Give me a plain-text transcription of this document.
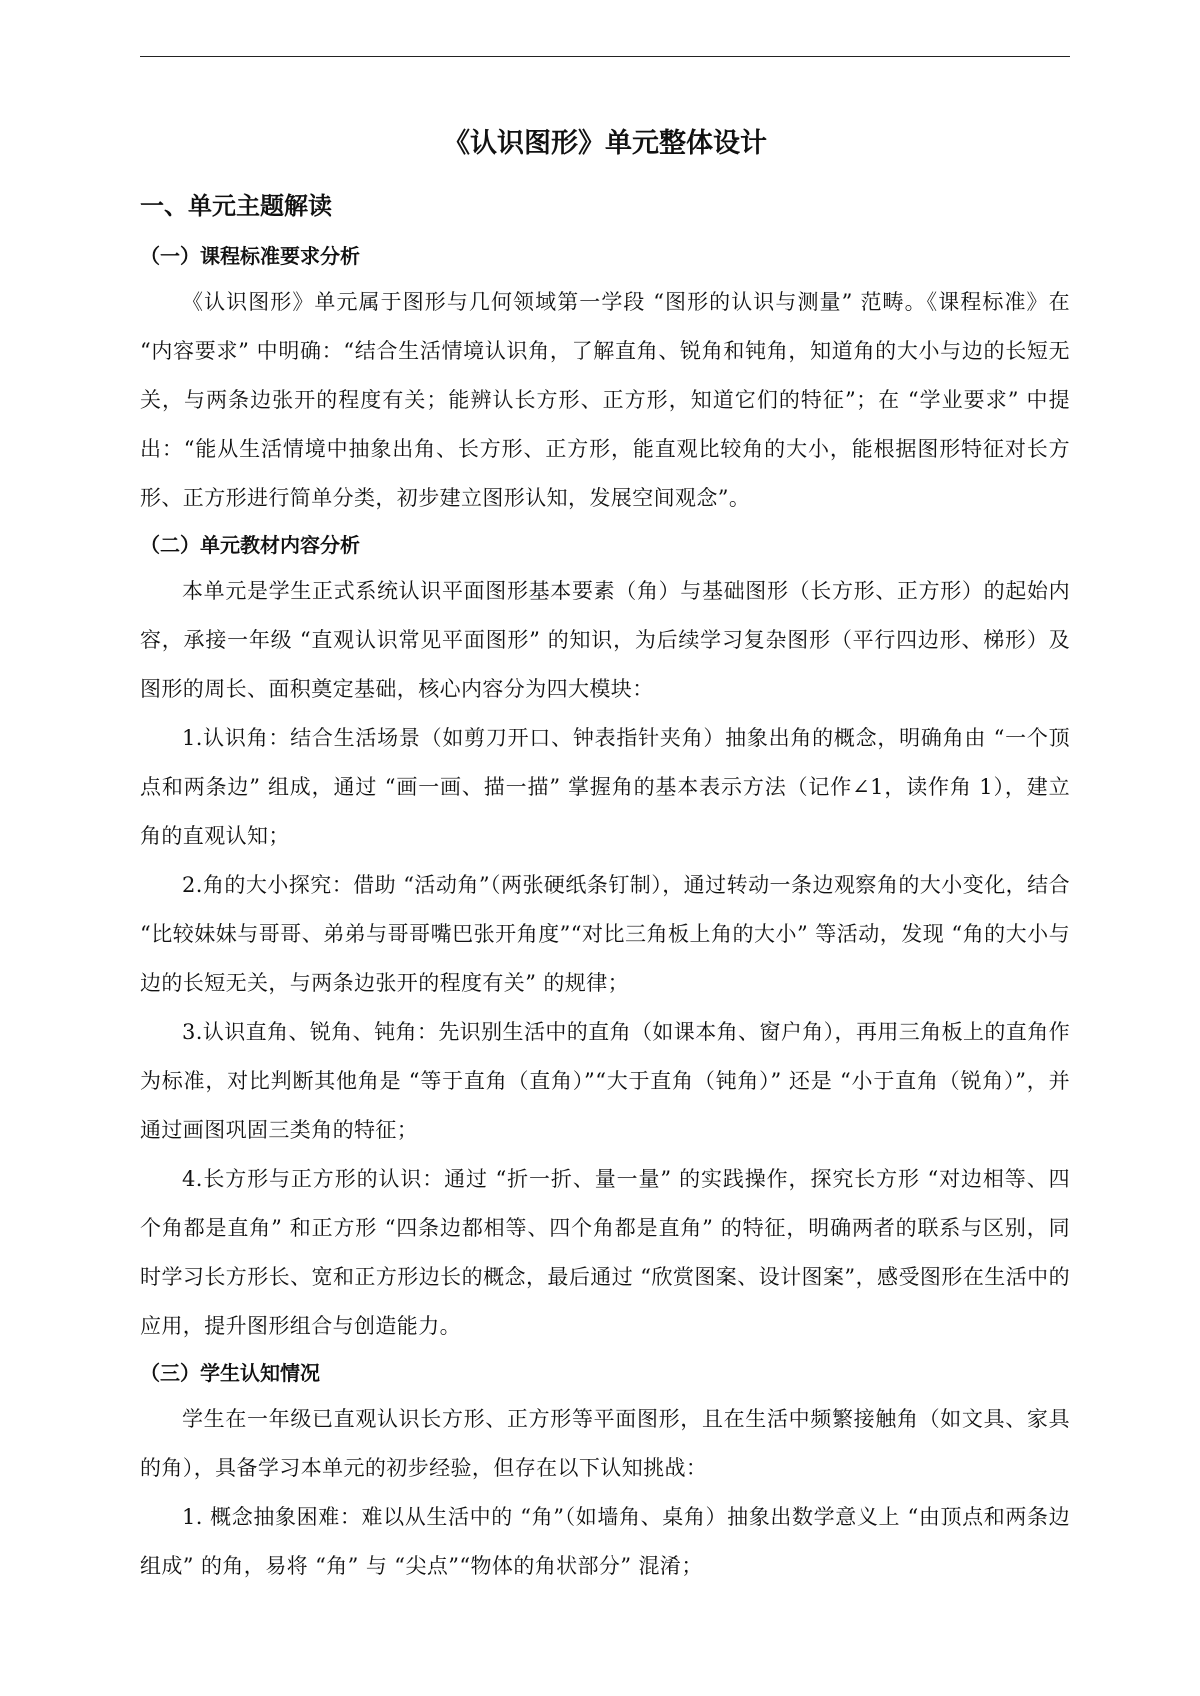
《认识图形》单元整体设计
一、单元主题解读
（一）课程标准要求分析

《认识图形》单元属于图形与几何领域第一学段 “图形的认识与测量” 范畴。《课程标准》在 “内容要求” 中明确：“结合生活情境认识角，了解直角、锐角和钝角，知道角的大小与边的长短无关，与两条边张开的程度有关；能辨认长方形、正方形，知道它们的特征”；在 “学业要求” 中提出：“能从生活情境中抽象出角、长方形、正方形，能直观比较角的大小，能根据图形特征对长方形、正方形进行简单分类，初步建立图形认知，发展空间观念”。

（二）单元教材内容分析

本单元是学生正式系统认识平面图形基本要素（角）与基础图形（长方形、正方形）的起始内容，承接一年级 “直观认识常见平面图形” 的知识，为后续学习复杂图形（平行四边形、梯形）及图形的周长、面积奠定基础，核心内容分为四大模块：

1.认识角：结合生活场景（如剪刀开口、钟表指针夹角）抽象出角的概念，明确角由 “一个顶点和两条边” 组成，通过 “画一画、描一描” 掌握角的基本表示方法（记作∠1，读作角 1），建立角的直观认知；

2.角的大小探究：借助 “活动角”（两张硬纸条钉制），通过转动一条边观察角的大小变化，结合 “比较妹妹与哥哥、弟弟与哥哥嘴巴张开角度”“对比三角板上角的大小” 等活动，发现 “角的大小与边的长短无关，与两条边张开的程度有关” 的规律；

3.认识直角、锐角、钝角：先识别生活中的直角（如课本角、窗户角），再用三角板上的直角作为标准，对比判断其他角是 “等于直角（直角）”“大于直角（钝角）” 还是 “小于直角（锐角）”，并通过画图巩固三类角的特征；

4.长方形与正方形的认识：通过 “折一折、量一量” 的实践操作，探究长方形 “对边相等、四个角都是直角” 和正方形 “四条边都相等、四个角都是直角” 的特征，明确两者的联系与区别，同时学习长方形长、宽和正方形边长的概念，最后通过 “欣赏图案、设计图案”，感受图形在生活中的应用，提升图形组合与创造能力。

（三）学生认知情况

学生在一年级已直观认识长方形、正方形等平面图形，且在生活中频繁接触角（如文具、家具的角），具备学习本单元的初步经验，但存在以下认知挑战：

1. 概念抽象困难：难以从生活中的 “角”（如墙角、桌角）抽象出数学意义上 “由顶点和两条边组成” 的角，易将 “角” 与 “尖点”“物体的角状部分” 混淆；
